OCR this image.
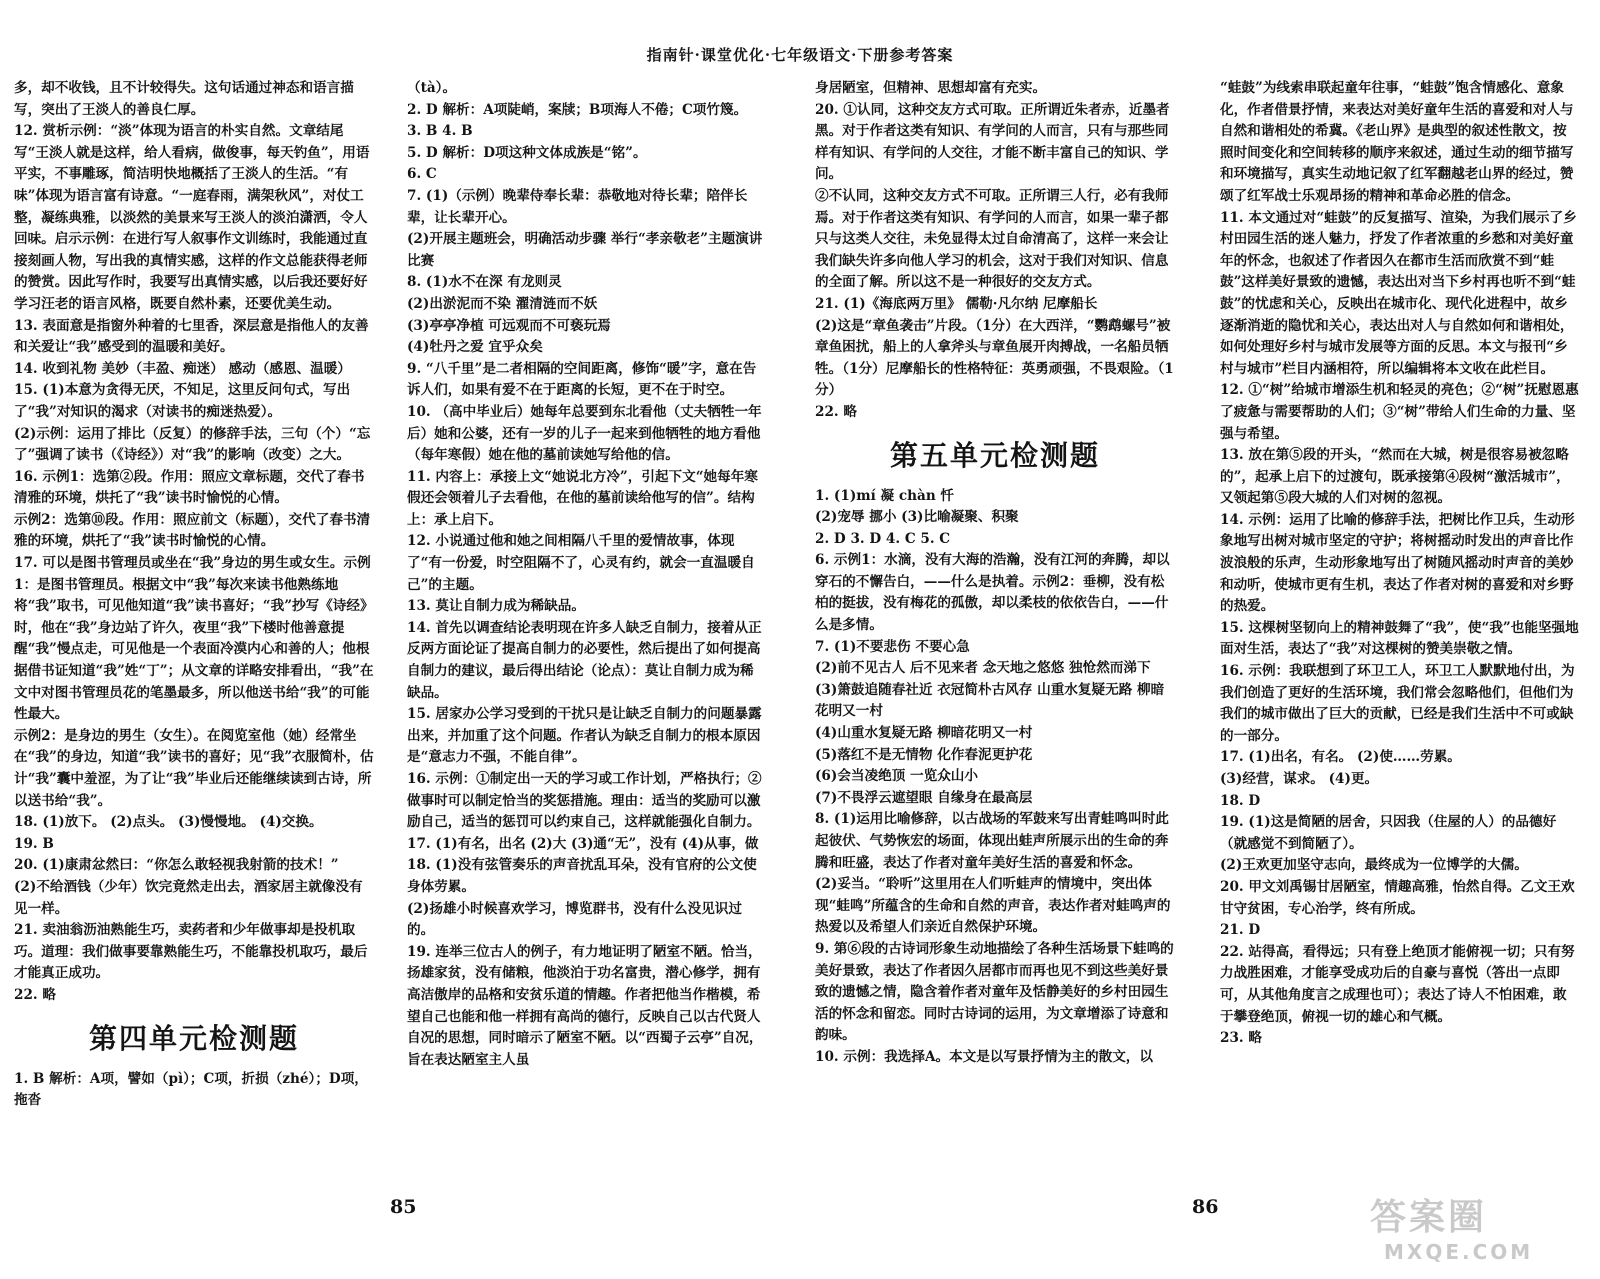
指南针·课堂优化·七年级语文·下册参考答案

多，却不收钱，且不计较得失。这句话通过神态和语言描写，突出了王淡人的善良仁厚。

12. 赏析示例：“淡”体现为语言的朴实自然。文章结尾写“王淡人就是这样，给人看病，做俊事，每天钓鱼”，用语平实，不事雕琢，简洁明快地概括了王淡人的生活。“有味”体现为语言富有诗意。“一庭春雨，满架秋风”，对仗工整，凝练典雅，以淡然的美景来写王淡人的淡泊潇洒，令人回味。启示示例：在进行写人叙事作文训练时，我能通过直接刻画人物，写出我的真情实感，这样的作文总能获得老师的赞赏。因此写作时，我要写出真情实感，以后我还要好好学习汪老的语言风格，既要自然朴素，还要优美生动。

13. 表面意是指窗外种着的七里香，深层意是指他人的友善和关爱让“我”感受到的温暖和美好。

14. 收到礼物 美妙（丰盈、痴迷） 感动（感恩、温暖）

15. (1)本意为贪得无厌，不知足，这里反问句式，写出了“我”对知识的渴求（对读书的痴迷热爱）。

(2)示例：运用了排比（反复）的修辞手法，三句（个）“忘了”强调了读书（《诗经》）对“我”的影响（改变）之大。

16. 示例1：选第②段。作用：照应文章标题，交代了春书清雅的环境，烘托了“我”读书时愉悦的心情。

示例2：选第⑩段。作用：照应前文（标题），交代了春书清雅的环境，烘托了“我”读书时愉悦的心情。

17. 可以是图书管理员或坐在“我”身边的男生或女生。示例1：是图书管理员。根据文中“我”每次来读书他熟练地将“我”取书，可见他知道“我”读书喜好；“我”抄写《诗经》时，他在“我”身边站了许久，夜里“我”下楼时他善意提醒“我”慢点走，可见他是一个表面冷漠内心和善的人；他根据借书证知道“我”姓“丁”；从文章的详略安排看出，“我”在文中对图书管理员花的笔墨最多，所以他送书给“我”的可能性最大。

示例2：是身边的男生（女生）。在阅览室他（她）经常坐在“我”的身边，知道“我”读书的喜好；见“我”衣服简朴，估计“我”囊中羞涩，为了让“我”毕业后还能继续读到古诗，所以送书给“我”。

18. (1)放下。 (2)点头。 (3)慢慢地。 (4)交换。

19. B

20. (1)康肃忿然曰：“你怎么敢轻视我射箭的技术！”

(2)不给酒钱（少年）饮完竟然走出去，酒家居主就像没有见一样。

21. 卖油翁沥油熟能生巧，卖药者和少年做事却是投机取巧。道理：我们做事要靠熟能生巧，不能靠投机取巧，最后才能真正成功。

22. 略

第四单元检测题

1. B 解析：A项，譬如（pì）；C项，折损（zhé）；D项，拖沓

（tà）。

2. D 解析：A项陡峭，案牍；B项海人不倦；C项竹篾。

3. B 4. B

5. D 解析：D项这种文体成族是“铭”。

6. C

7. (1)（示例）晚辈侍奉长辈：恭敬地对待长辈；陪伴长辈，让长辈开心。

(2)开展主题班会，明确活动步骤 举行“孝亲敬老”主题演讲比赛

8. (1)水不在深 有龙则灵

(2)出淤泥而不染 濯清涟而不妖

(3)亭亭净植 可远观而不可亵玩焉

(4)牡丹之爱 宜乎众矣

9. “八千里”是二者相隔的空间距离，修饰“暖”字，意在告诉人们，如果有爱不在于距离的长短，更不在于时空。

10. （高中毕业后）她每年总要到东北看他（丈夫牺牲一年后）她和公婆，还有一岁的儿子一起来到他牺牲的地方看他 （每年寒假）她在他的墓前读她写给他的信。

11. 内容上：承接上文“她说北方冷”，引起下文“她每年寒假还会领着儿子去看他，在他的墓前读给他写的信”。结构上：承上启下。

12. 小说通过他和她之间相隔八千里的爱情故事，体现了“有一份爱，时空阻隔不了，心灵有约，就会一直温暖自己”的主题。

13. 莫让自制力成为稀缺品。

14. 首先以调查结论表明现在许多人缺乏自制力，接着从正反两方面论证了提高自制力的必要性，然后提出了如何提高自制力的建议，最后得出结论（论点）：莫让自制力成为稀缺品。

15. 居家办公学习受到的干扰只是让缺乏自制力的问题暴露出来，并加重了这个问题。作者认为缺乏自制力的根本原因是“意志力不强，不能自律”。

16. 示例：①制定出一天的学习或工作计划，严格执行；②做事时可以制定恰当的奖惩措施。理由：适当的奖励可以激励自己，适当的惩罚可以约束自己，这样就能强化自制力。

17. (1)有名，出名 (2)大 (3)通“无”，没有 (4)从事，做

18. (1)没有弦管奏乐的声音扰乱耳朵，没有官府的公文使身体劳累。

(2)扬雄小时候喜欢学习，博览群书，没有什么没见识过的。

19. 连举三位古人的例子，有力地证明了陋室不陋。恰当，扬雄家贫，没有储粮，他淡泊于功名富贵，潜心修学，拥有高洁傲岸的品格和安贫乐道的情趣。作者把他当作楷模，希望自己也能和他一样拥有高尚的德行，反映自己以古代贤人自况的思想，同时暗示了陋室不陋。以“西蜀子云亭”自况，旨在表达陋室主人虽

身居陋室，但精神、思想却富有充实。

20. ①认同，这种交友方式可取。正所谓近朱者赤，近墨者黑。对于作者这类有知识、有学问的人而言，只有与那些同样有知识、有学问的人交往，才能不断丰富自己的知识、学问。

②不认同，这种交友方式不可取。正所谓三人行，必有我师焉。对于作者这类有知识、有学问的人而言，如果一辈子都只与这类人交往，未免显得太过自命清高了，这样一来会让我们缺失许多向他人学习的机会，这对于我们对知识、信息的全面了解。所以这不是一种很好的交友方式。

21. (1)《海底两万里》 儒勒·凡尔纳 尼摩船长

(2)这是“章鱼袭击”片段。（1分）在大西洋，“鹦鹉螺号”被章鱼困扰，船上的人拿斧头与章鱼展开肉搏战，一名船员牺牲。（1分）尼摩船长的性格特征：英勇顽强，不畏艰险。（1分）

22. 略

第五单元检测题

1. (1)mí 凝 chàn 忏

(2)宠辱 挪小 (3)比喻凝聚、积聚

2. D 3. D 4. C 5. C

6. 示例1：水滴，没有大海的浩瀚，没有江河的奔腾，却以穿石的不懈告白，——什么是执着。示例2：垂柳，没有松柏的挺拔，没有梅花的孤傲，却以柔枝的依依告白，——什么是多情。

7. (1)不要悲伤 不要心急

(2)前不见古人 后不见来者 念天地之悠悠 独怆然而涕下

(3)箫鼓追随春社近 衣冠简朴古风存 山重水复疑无路 柳暗花明又一村

(4)山重水复疑无路 柳暗花明又一村

(5)落红不是无情物 化作春泥更护花

(6)会当凌绝顶 一览众山小

(7)不畏浮云遮望眼 自缘身在最高层

8. (1)运用比喻修辞，以古战场的军鼓来写出青蛙鸣叫时此起彼伏、气势恢宏的场面，体现出蛙声所展示出的生命的奔腾和旺盛，表达了作者对童年美好生活的喜爱和怀念。

(2)妥当。“聆听”这里用在人们听蛙声的情境中，突出体现“蛙鸣”所蕴含的生命和自然的声音，表达作者对蛙鸣声的热爱以及希望人们亲近自然保护环境。

9. 第⑥段的古诗词形象生动地描绘了各种生活场景下蛙鸣的美好景致，表达了作者因久居都市而再也见不到这些美好景致的遗憾之情，隐含着作者对童年及恬静美好的乡村田园生活的怀念和留恋。同时古诗词的运用，为文章增添了诗意和韵味。

10. 示例：我选择A。本文是以写景抒情为主的散文，以

“蛙鼓”为线索串联起童年往事，“蛙鼓”饱含情感化、意象化，作者借景抒情，来表达对美好童年生活的喜爱和对人与自然和谐相处的希冀。《老山界》是典型的叙述性散文，按照时间变化和空间转移的顺序来叙述，通过生动的细节描写和环境描写，真实生动地记叙了红军翻越老山界的经过，赞颂了红军战士乐观昂扬的精神和革命必胜的信念。

11. 本文通过对“蛙鼓”的反复描写、渲染，为我们展示了乡村田园生活的迷人魅力，抒发了作者浓重的乡愁和对美好童年的怀念，也叙述了作者因久在都市生活而欣赏不到“蛙鼓”这样美好景致的遗憾，表达出对当下乡村再也听不到“蛙鼓”的忧虑和关心，反映出在城市化、现代化进程中，故乡逐渐消逝的隐忧和关心，表达出对人与自然如何和谐相处，如何处理好乡村与城市发展等方面的反思。本文与报刊“乡村与城市”栏目内涵相符，所以编辑将本文收在此栏目。

12. ①“树”给城市增添生机和轻灵的亮色；②“树”抚慰恩惠了疲惫与需要帮助的人们；③“树”带给人们生命的力量、坚强与希望。

13. 放在第⑤段的开头，“然而在大城，树是很容易被忽略的”，起承上启下的过渡句，既承接第④段树“激活城市”，又领起第⑤段大城的人们对树的忽视。

14. 示例：运用了比喻的修辞手法，把树比作卫兵，生动形象地写出树对城市坚定的守护；将树摇动时发出的声音比作波浪般的乐声，生动形象地写出了树随风摇动时声音的美妙和动听，使城市更有生机，表达了作者对树的喜爱和对乡野的热爱。

15. 这棵树坚韧向上的精神鼓舞了“我”，使“我”也能坚强地面对生活，表达了“我”对这棵树的赞美崇敬之情。

16. 示例：我联想到了环卫工人，环卫工人默默地付出，为我们创造了更好的生活环境，我们常会忽略他们，但他们为我们的城市做出了巨大的贡献，已经是我们生活中不可或缺的一部分。

17. (1)出名，有名。 (2)使……劳累。

(3)经营，谋求。 (4)更。

18. D

19. (1)这是简陋的居舍，只因我（住屋的人）的品德好（就感觉不到简陋了）。

(2)王欢更加坚守志向，最终成为一位博学的大儒。

20. 甲文刘禹锡甘居陋室，情趣高雅，怡然自得。乙文王欢甘守贫困，专心治学，终有所成。

21. D

22. 站得高，看得远；只有登上绝顶才能俯视一切；只有努力战胜困难，才能享受成功后的自豪与喜悦（答出一点即可，从其他角度言之成理也可）；表达了诗人不怕困难，敢于攀登绝顶，俯视一切的雄心和气概。

23. 略

85	86	答案圈
MXQE.COM
